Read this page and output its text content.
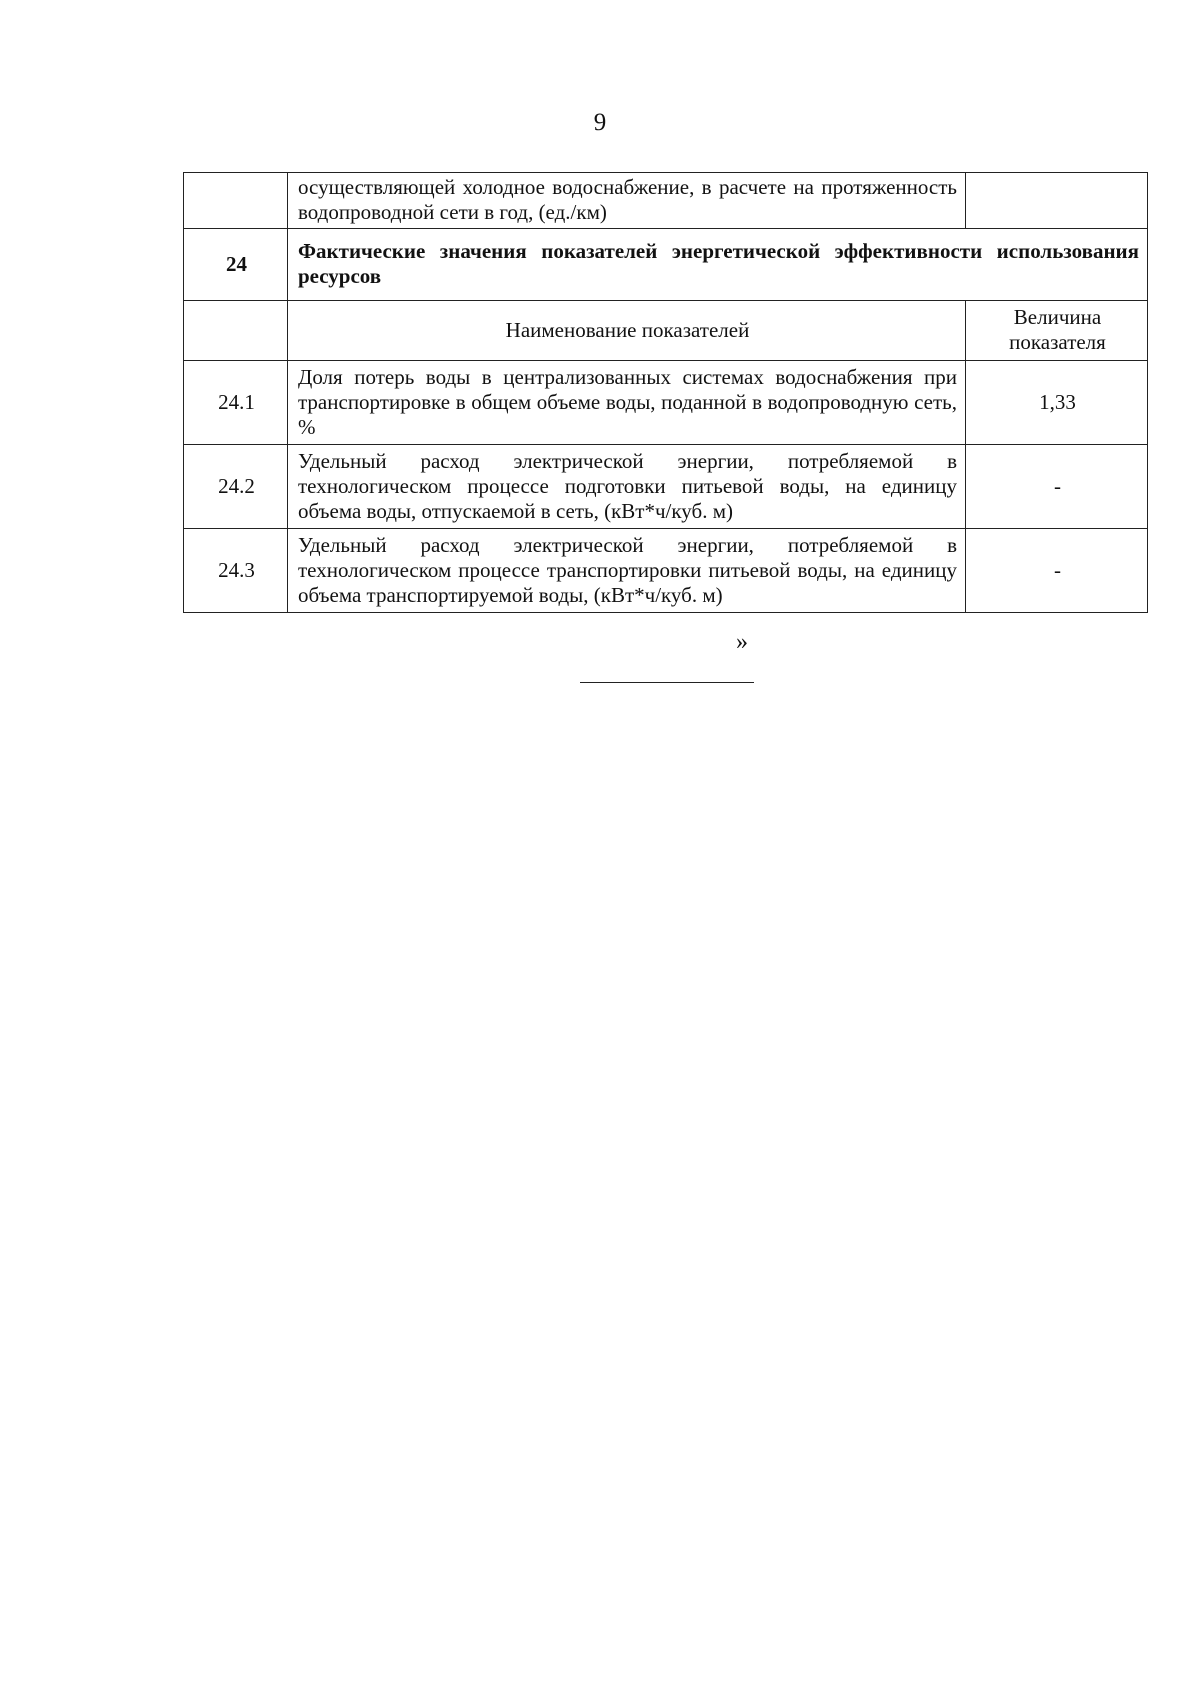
9
	осуществляющей холодное водоснабжение, в расчете на протяженность водопроводной сети в год, (ед./км)	
24	Фактические значения показателей энергетической эффективности использования ресурсов	
	Наименование показателей	Величина показателя
24.1	Доля потерь воды в централизованных системах водоснабжения при транспортировке в общем объеме воды, поданной в водопроводную сеть, %	1,33
24.2	Удельный расход электрической энергии, потребляемой в технологическом процессе подготовки питьевой воды, на единицу объема воды, отпускаемой в сеть, (кВт*ч/куб. м)	-
24.3	Удельный расход электрической энергии, потребляемой в технологическом процессе транспортировки питьевой воды, на единицу объема транспортируемой воды, (кВт*ч/куб. м)	-
»
